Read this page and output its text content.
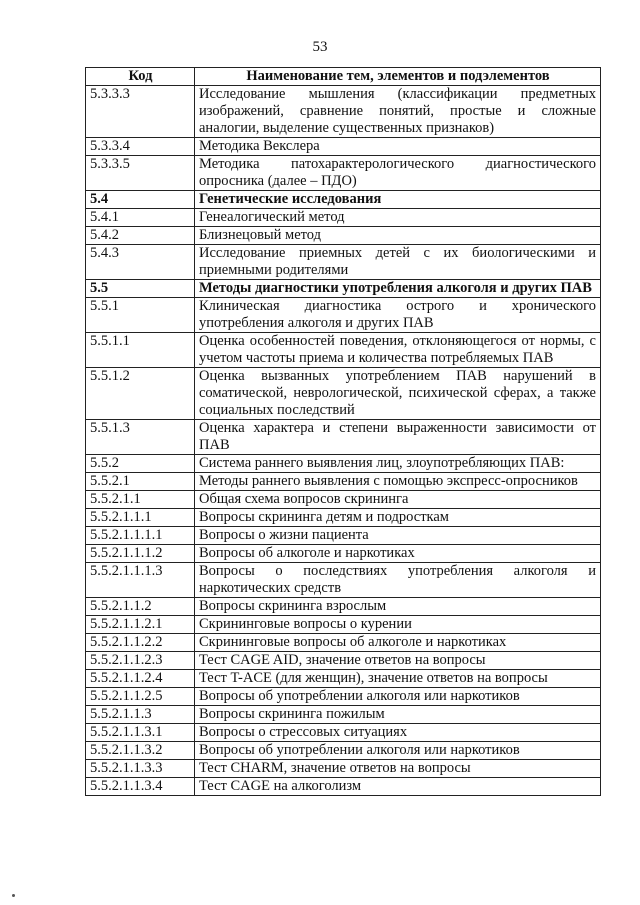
53
Код	Наименование тем, элементов и подэлементов
5.3.3.3	Исследование мышления (классификации предметных изображений, сравнение понятий, простые и сложные аналогии, выделение существенных признаков)
5.3.3.4	Методика Векслера
5.3.3.5	Методика патохарактерологического диагностического опросника (далее – ПДО)
5.4	Генетические исследования
5.4.1	Генеалогический метод
5.4.2	Близнецовый метод
5.4.3	Исследование приемных детей с их биологическими и приемными родителями
5.5	Методы диагностики употребления алкоголя и других ПАВ
5.5.1	Клиническая диагностика острого и хронического употребления алкоголя и других ПАВ
5.5.1.1	Оценка особенностей поведения, отклоняющегося от нормы, с учетом частоты приема и количества потребляемых ПАВ
5.5.1.2	Оценка вызванных употреблением ПАВ нарушений в соматической, неврологической, психической сферах, а также социальных последствий
5.5.1.3	Оценка характера и степени выраженности зависимости от ПАВ
5.5.2	Система раннего выявления лиц, злоупотребляющих ПАВ:
5.5.2.1	Методы раннего выявления с помощью экспресс-опросников
5.5.2.1.1	Общая схема вопросов скрининга
5.5.2.1.1.1	Вопросы скрининга детям и подросткам
5.5.2.1.1.1.1	Вопросы о жизни пациента
5.5.2.1.1.1.2	Вопросы об алкоголе и наркотиках
5.5.2.1.1.1.3	Вопросы о последствиях употребления алкоголя и наркотических средств
5.5.2.1.1.2	Вопросы скрининга взрослым
5.5.2.1.1.2.1	Скрининговые вопросы о курении
5.5.2.1.1.2.2	Скрининговые вопросы об алкоголе и наркотиках
5.5.2.1.1.2.3	Тест CAGE AID, значение ответов на вопросы
5.5.2.1.1.2.4	Тест T-ACE (для женщин), значение ответов на вопросы
5.5.2.1.1.2.5	Вопросы об употреблении алкоголя или наркотиков
5.5.2.1.1.3	Вопросы скрининга пожилым
5.5.2.1.1.3.1	Вопросы о стрессовых ситуациях
5.5.2.1.1.3.2	Вопросы об употреблении алкоголя или наркотиков
5.5.2.1.1.3.3	Тест CHARM, значение ответов на вопросы
5.5.2.1.1.3.4	Тест CAGE на алкоголизм
